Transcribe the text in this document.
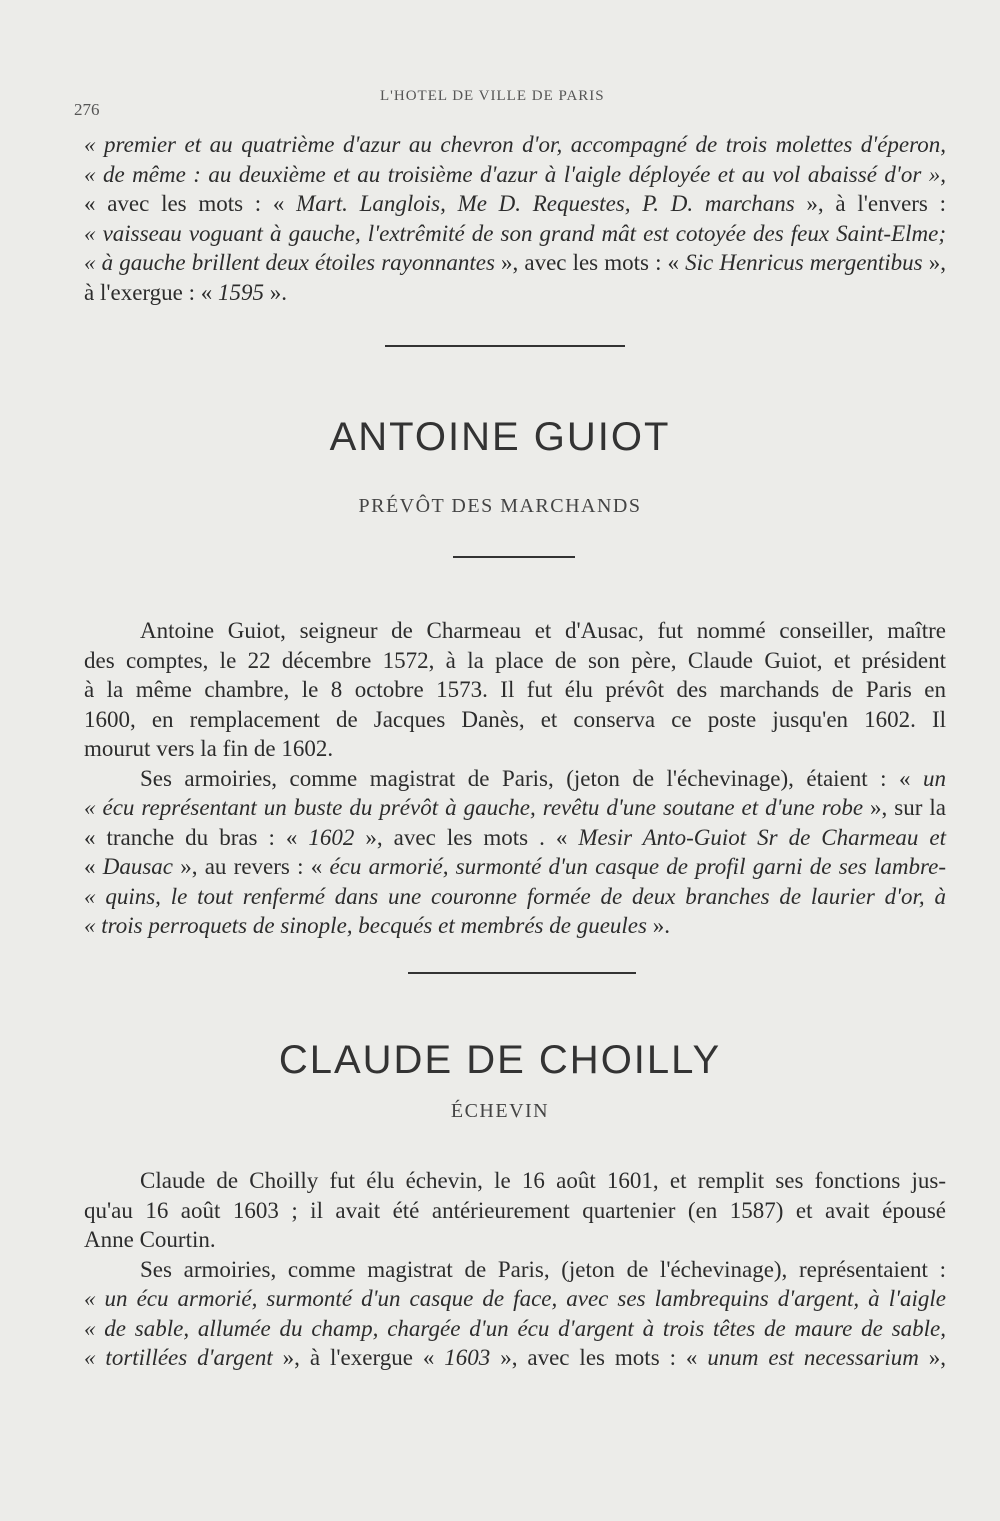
276
L'HOTEL DE VILLE DE PARIS
« premier et au quatrième d'azur au chevron d'or, accompagné de trois molettes d'éperon,
« de même : au deuxième et au troisième d'azur à l'aigle déployée et au vol abaissé d'or »,
« avec les mots : « Mart. Langlois, Me D. Requestes, P. D. marchans », à l'envers :
« vaisseau voguant à gauche, l'extrêmité de son grand mât est cotoyée des feux Saint-Elme;
« à gauche brillent deux étoiles rayonnantes », avec les mots : « Sic Henricus mergentibus »,
à l'exergue : « 1595 ».
ANTOINE GUIOT
PRÉVÔT DES MARCHANDS
Antoine Guiot, seigneur de Charmeau et d'Ausac, fut nommé conseiller, maître
des comptes, le 22 décembre 1572, à la place de son père, Claude Guiot, et président
à la même chambre, le 8 octobre 1573. Il fut élu prévôt des marchands de Paris en
1600, en remplacement de Jacques Danès, et conserva ce poste jusqu'en 1602. Il
mourut vers la fin de 1602.
Ses armoiries, comme magistrat de Paris, (jeton de l'échevinage), étaient : « un
« écu représentant un buste du prévôt à gauche, revêtu d'une soutane et d'une robe », sur la
« tranche du bras : « 1602 », avec les mots . « Mesir Anto-Guiot Sr de Charmeau et
« Dausac », au revers : « écu armorié, surmonté d'un casque de profil garni de ses lambre-
« quins, le tout renfermé dans une couronne formée de deux branches de laurier d'or, à
« trois perroquets de sinople, becqués et membrés de gueules ».
CLAUDE DE CHOILLY
ÉCHEVIN
Claude de Choilly fut élu échevin, le 16 août 1601, et remplit ses fonctions jus-
qu'au 16 août 1603 ; il avait été antérieurement quartenier (en 1587) et avait épousé
Anne Courtin.
Ses armoiries, comme magistrat de Paris, (jeton de l'échevinage), représentaient :
« un écu armorié, surmonté d'un casque de face, avec ses lambrequins d'argent, à l'aigle
« de sable, allumée du champ, chargée d'un écu d'argent à trois têtes de maure de sable,
« tortillées d'argent », à l'exergue « 1603 », avec les mots : « unum est necessarium »,
